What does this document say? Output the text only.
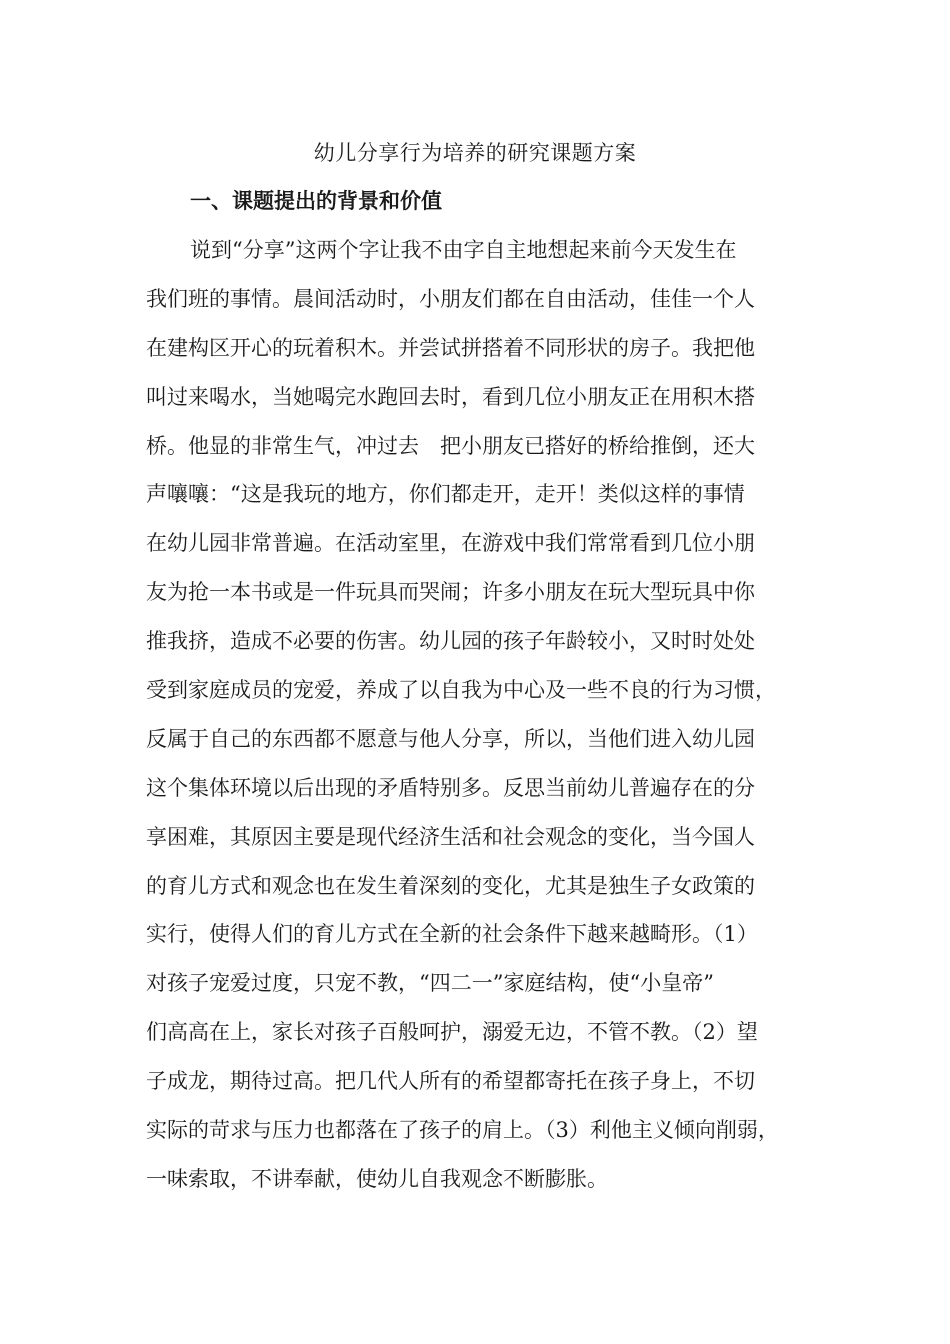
幼儿分享行为培养的研究课题方案
一、课题提出的背景和价值
说到“分享”这两个字让我不由字自主地想起来前今天发生在
我们班的事情。晨间活动时，小朋友们都在自由活动，佳佳一个人
在建构区开心的玩着积木。并尝试拼搭着不同形状的房子。我把他
叫过来喝水，当她喝完水跑回去时，看到几位小朋友正在用积木搭
桥。他显的非常生气，冲过去　把小朋友已搭好的桥给推倒，还大
声嚷嚷：“这是我玩的地方，你们都走开，走开！类似这样的事情
在幼儿园非常普遍。在活动室里，在游戏中我们常常看到几位小朋
友为抢一本书或是一件玩具而哭闹；许多小朋友在玩大型玩具中你
推我挤，造成不必要的伤害。幼儿园的孩子年龄较小，又时时处处
受到家庭成员的宠爱，养成了以自我为中心及一些不良的行为习惯，
反属于自己的东西都不愿意与他人分享，所以，当他们进入幼儿园
这个集体环境以后出现的矛盾特别多。反思当前幼儿普遍存在的分
享困难，其原因主要是现代经济生活和社会观念的变化，当今国人
的育儿方式和观念也在发生着深刻的变化，尤其是独生子女政策的
实行，使得人们的育儿方式在全新的社会条件下越来越畸形。（1）
对孩子宠爱过度，只宠不教，“四二一”家庭结构，使“小皇帝”
们高高在上，家长对孩子百般呵护，溺爱无边，不管不教。（2）望
子成龙，期待过高。把几代人所有的希望都寄托在孩子身上，不切
实际的苛求与压力也都落在了孩子的肩上。（3）利他主义倾向削弱，
一味索取，不讲奉献，使幼儿自我观念不断膨胀。
